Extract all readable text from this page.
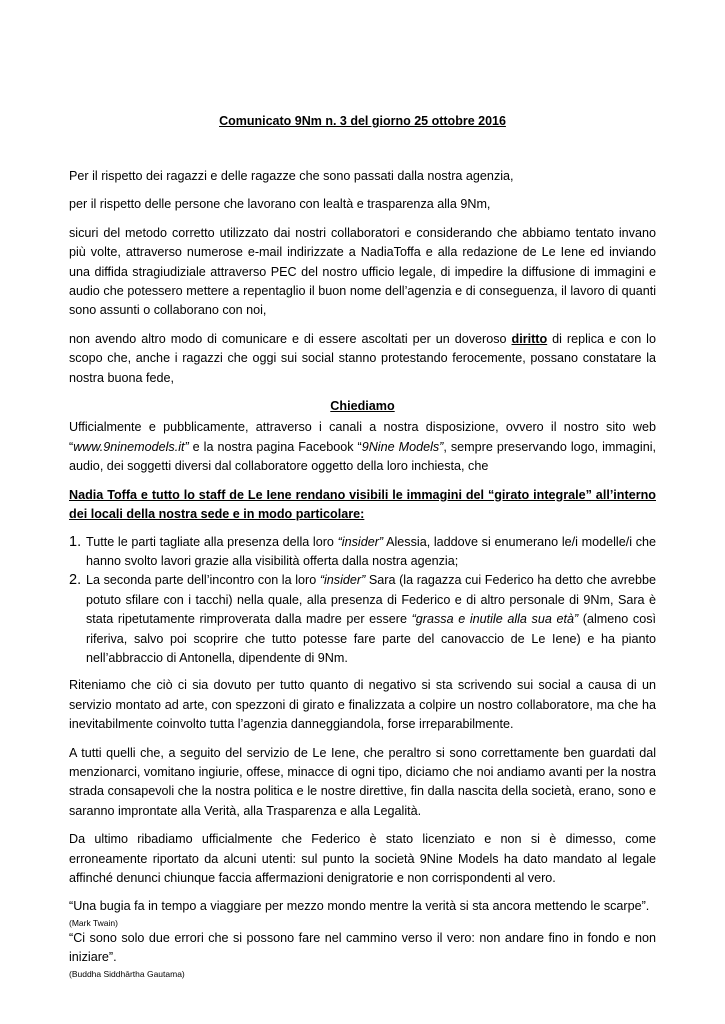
Comunicato 9Nm n. 3 del giorno 25 ottobre 2016

Per il rispetto dei ragazzi e delle ragazze che sono passati dalla nostra agenzia,

per il rispetto delle persone che lavorano con lealtà e trasparenza alla 9Nm,

sicuri del metodo corretto utilizzato dai nostri collaboratori e considerando che abbiamo tentato invano più volte, attraverso numerose e-mail indirizzate a NadiaToffa e alla redazione de Le Iene ed inviando una diffida stragiudiziale attraverso PEC del nostro ufficio legale, di impedire la diffusione di immagini e audio che potessero mettere a repentaglio il buon nome dell’agenzia e di conseguenza, il lavoro di quanti sono assunti o collaborano con noi,

non avendo altro modo di comunicare e di essere ascoltati per un doveroso diritto di replica e con lo scopo che, anche i ragazzi che oggi sui social stanno protestando ferocemente, possano constatare la nostra buona fede,

Chiediamo

Ufficialmente e pubblicamente, attraverso i canali a nostra disposizione, ovvero il nostro sito web “www.9ninemodels.it” e la nostra pagina Facebook “9Nine Models”, sempre preservando logo, immagini, audio, dei soggetti diversi dal collaboratore oggetto della loro inchiesta, che

Nadia Toffa e tutto lo staff de Le Iene rendano visibili le immagini del “girato integrale” all’interno dei locali della nostra sede e in modo particolare:

1. Tutte le parti tagliate alla presenza della loro “insider” Alessia, laddove si enumerano le/i modelle/i che hanno svolto lavori grazie alla visibilità offerta dalla nostra agenzia;
2. La seconda parte dell’incontro con la loro “insider” Sara (la ragazza cui Federico ha detto che avrebbe potuto sfilare con i tacchi) nella quale, alla presenza di Federico e di altro personale di 9Nm, Sara è stata ripetutamente rimproverata dalla madre per essere “grassa e inutile alla sua età” (almeno così riferiva, salvo poi scoprire che tutto potesse fare parte del canovaccio de Le Iene) e ha pianto nell’abbraccio di Antonella, dipendente di 9Nm.

Riteniamo che ciò ci sia dovuto per tutto quanto di negativo si sta scrivendo sui social a causa di un servizio montato ad arte, con spezzoni di girato e finalizzata a colpire un nostro collaboratore, ma che ha inevitabilmente coinvolto tutta l’agenzia danneggiandola, forse irreparabilmente.

A tutti quelli che, a seguito del servizio de Le Iene, che peraltro si sono correttamente ben guardati dal menzionarci, vomitano ingiurie, offese, minacce di ogni tipo, diciamo che noi andiamo avanti per la nostra strada consapevoli che la nostra politica e le nostre direttive, fin dalla nascita della società, erano, sono e saranno improntate alla Verità, alla Trasparenza e alla Legalità.

Da ultimo ribadiamo ufficialmente che Federico è stato licenziato e non si è dimesso, come erroneamente riportato da alcuni utenti: sul punto la società 9Nine Models ha dato mandato al legale affinché denunci chiunque faccia affermazioni denigratorie e non corrispondenti al vero.

“Una bugia fa in tempo a viaggiare per mezzo mondo mentre la verità si sta ancora mettendo le scarpe”.

(Mark Twain)

“Ci sono solo due errori che si possono fare nel cammino verso il vero: non andare fino in fondo e non iniziare”.

(Buddha Siddhārtha Gautama)
